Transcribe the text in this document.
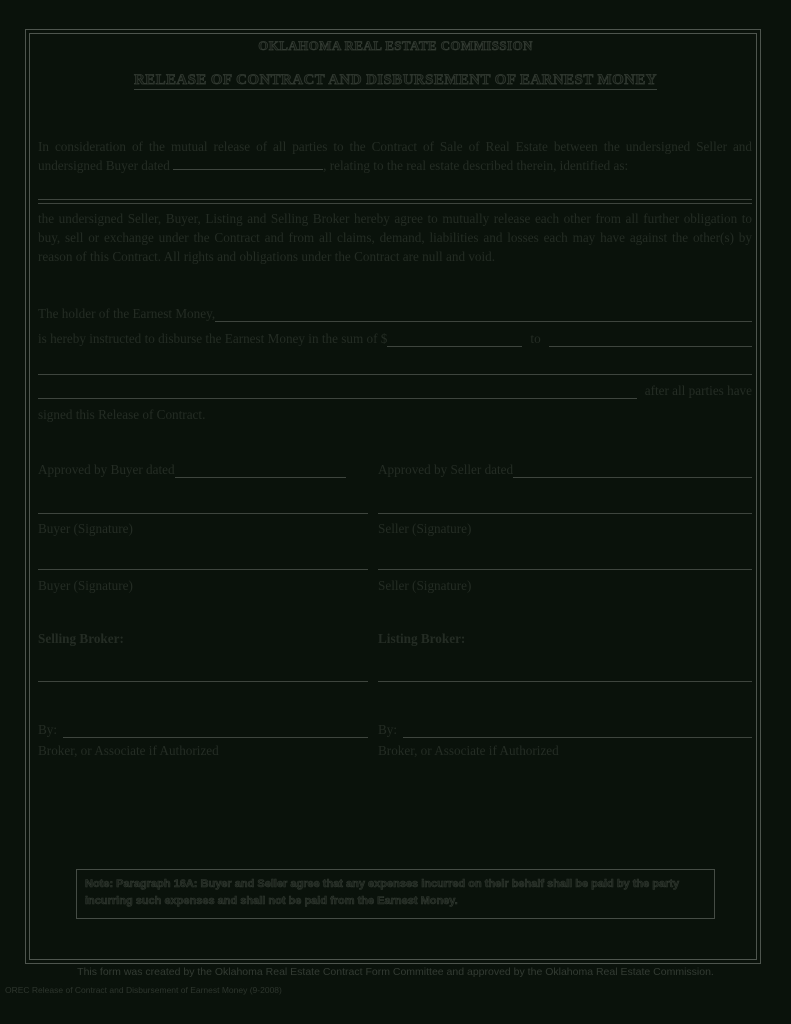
OKLAHOMA REAL ESTATE COMMISSION
RELEASE OF CONTRACT AND DISBURSEMENT OF EARNEST MONEY
In consideration of the mutual release of all parties to the Contract of Sale of Real Estate between the undersigned Seller and undersigned Buyer dated	, relating to the real estate described therein, identified as:
the undersigned Seller, Buyer, Listing and Selling Broker hereby agree to mutually release each other from all further obligation to buy, sell or exchange under the Contract and from all claims, demand, liabilities and losses each may have against the other(s) by reason of this Contract. All rights and obligations under the Contract are null and void.
The holder of the Earnest Money,
is hereby instructed to disburse the Earnest Money in the sum of $	to
after all parties have
signed this Release of Contract.
Approved by Buyer dated	Approved by Seller dated
Buyer (Signature)	Seller (Signature)
Buyer (Signature)	Seller (Signature)
Selling Broker:	Listing Broker:
By:	By:
Broker, or Associate if Authorized	Broker, or Associate if Authorized
Note: Paragraph 16A: Buyer and Seller agree that any expenses incurred on their behalf shall be paid by the party incurring such expenses and shall not be paid from the Earnest Money.
This form was created by the Oklahoma Real Estate Contract Form Committee and approved by the Oklahoma Real Estate Commission.
OREC Release of Contract and Disbursement of Earnest Money (9-2008)
